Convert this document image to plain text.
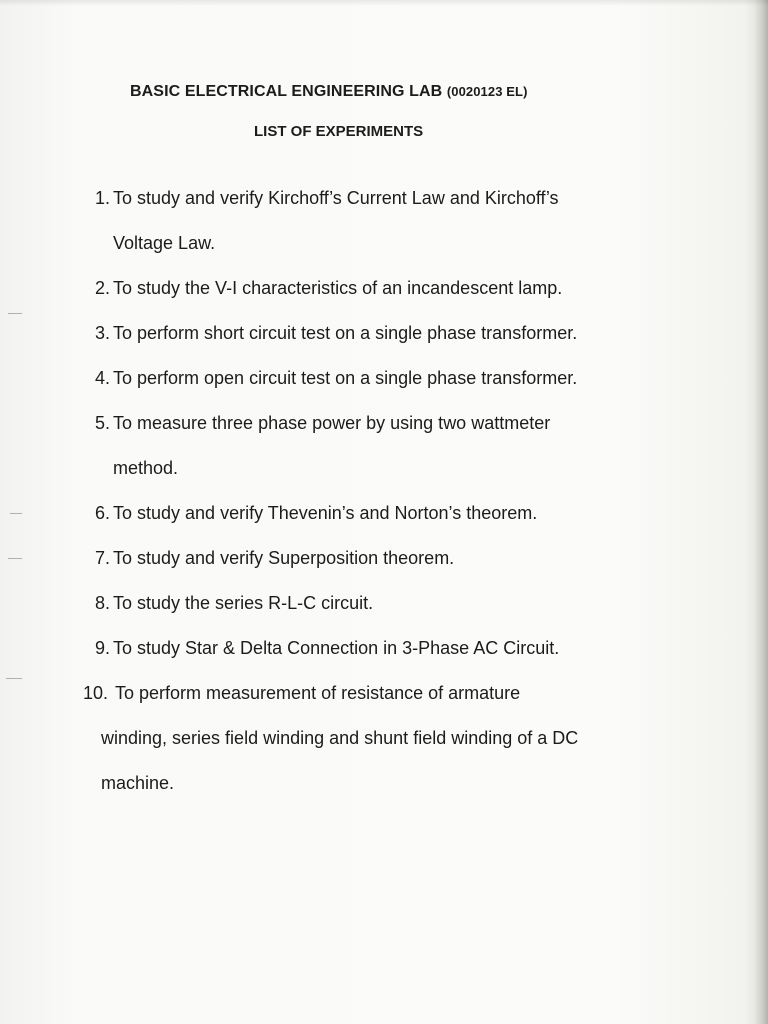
BASIC ELECTRICAL ENGINEERING LAB (0020123 EL)
LIST OF EXPERIMENTS
1. To study and verify Kirchoff’s Current Law and Kirchoff’s
Voltage Law.
2. To study the V-I characteristics of an incandescent lamp.
3. To perform short circuit test on a single phase transformer.
4. To perform open circuit test on a single phase transformer.
5. To measure three phase power by using two wattmeter
method.
6. To study and verify Thevenin’s and Norton’s theorem.
7. To study and verify Superposition theorem.
8. To study the series R-L-C circuit.
9. To study Star & Delta Connection in 3-Phase AC Circuit.
10. To perform measurement of resistance of armature
winding, series field winding and shunt field winding of a DC
machine.
